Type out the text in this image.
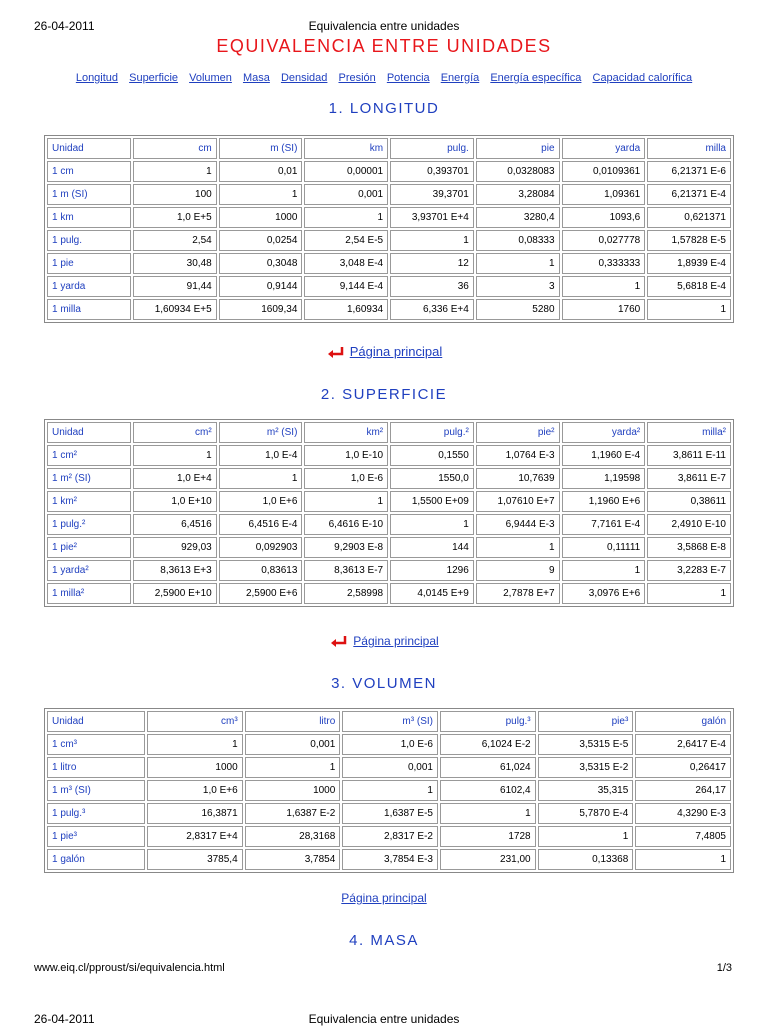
26-04-2011	Equivalencia entre unidades
EQUIVALENCIA ENTRE UNIDADES
Longitud Superficie Volumen Masa Densidad Presión Potencia Energía Energía específica Capacidad calorífica
1. LONGITUD
Unidad	cm	m (SI)	km	pulg.	pie	yarda	milla
1 cm	1	0,01	0,00001	0,393701	0,0328083	0,0109361	6,21371 E-6
1 m (SI)	100	1	0,001	39,3701	3,28084	1,09361	6,21371 E-4
1 km	1,0 E+5	1000	1	3,93701 E+4	3280,4	1093,6	0,621371
1 pulg.	2,54	0,0254	2,54 E-5	1	0,08333	0,027778	1,57828 E-5
1 pie	30,48	0,3048	3,048 E-4	12	1	0,333333	1,8939 E-4
1 yarda	91,44	0,9144	9,144 E-4	36	3	1	5,6818 E-4
1 milla	1,60934 E+5	1609,34	1,60934	6,336 E+4	5280	1760	1
Página principal
2. SUPERFICIE
Unidad	cm²	m² (SI)	km²	pulg.²	pie²	yarda²	milla²
1 cm²	1	1,0 E-4	1,0 E-10	0,1550	1,0764 E-3	1,1960 E-4	3,8611 E-11
1 m² (SI)	1,0 E+4	1	1,0 E-6	1550,0	10,7639	1,19598	3,8611 E-7
1 km²	1,0 E+10	1,0 E+6	1	1,5500 E+09	1,07610 E+7	1,1960 E+6	0,38611
1 pulg.²	6,4516	6,4516 E-4	6,4616 E-10	1	6,9444 E-3	7,7161 E-4	2,4910 E-10
1 pie²	929,03	0,092903	9,2903 E-8	144	1	0,11111	3,5868 E-8
1 yarda²	8,3613 E+3	0,83613	8,3613 E-7	1296	9	1	3,2283 E-7
1 milla²	2,5900 E+10	2,5900 E+6	2,58998	4,0145 E+9	2,7878 E+7	3,0976 E+6	1
Página principal
3. VOLUMEN
Unidad	cm³	litro	m³ (SI)	pulg.³	pie³	galón
1 cm³	1	0,001	1,0 E-6	6,1024 E-2	3,5315 E-5	2,6417 E-4
1 litro	1000	1	0,001	61,024	3,5315 E-2	0,26417
1 m³ (SI)	1,0 E+6	1000	1	6102,4	35,315	264,17
1 pulg.³	16,3871	1,6387 E-2	1,6387 E-5	1	5,7870 E-4	4,3290 E-3
1 pie³	2,8317 E+4	28,3168	2,8317 E-2	1728	1	7,4805
1 galón	3785,4	3,7854	3,7854 E-3	231,00	0,13368	1
Página principal
4. MASA
www.eiq.cl/pproust/si/equivalencia.html	1/3
26-04-2011	Equivalencia entre unidades
